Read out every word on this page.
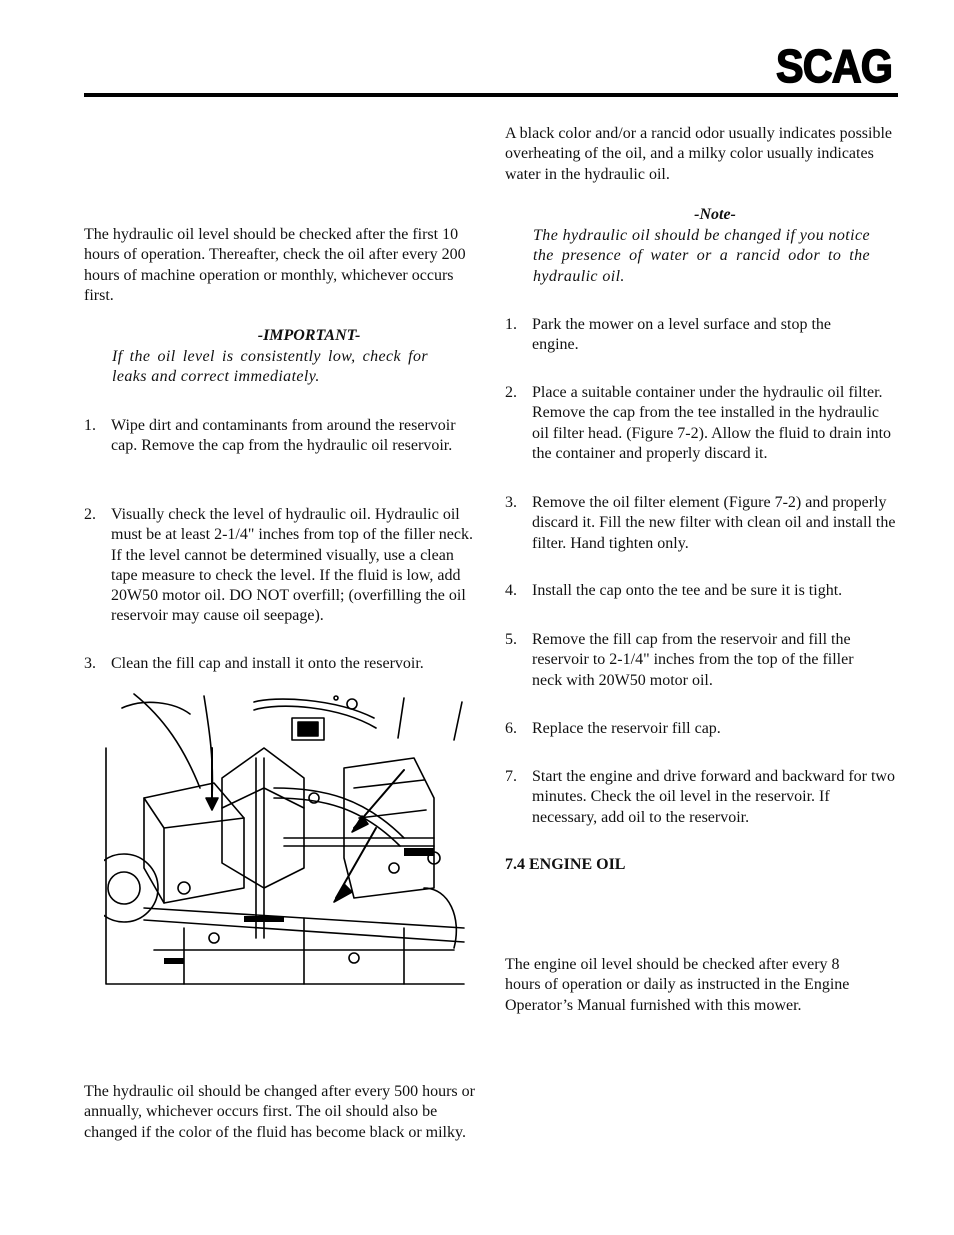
SCAG

The hydraulic oil level should be checked after the first 10 hours of operation. Thereafter, check the oil after every 200 hours of machine operation or monthly, whichever occurs first.

-IMPORTANT-
If the oil level is consistently low, check for leaks and correct immediately.
1. Wipe dirt and contaminants from around the reservoir cap. Remove the cap from the hydraulic oil reservoir.
2. Visually check the level of hydraulic oil. Hydraulic oil must be at least 2-1/4" inches from top of the filler neck. If the level cannot be determined visually, use a clean tape measure to check the level. If the fluid is low, add 20W50 motor oil. DO NOT overfill; (overfilling the oil reservoir may cause oil seepage).
3. Clean the fill cap and install it onto the reservoir.

The hydraulic oil should be changed after every 500 hours or annually, whichever occurs first. The oil should also be changed if the color of the fluid has become black or milky.

A black color and/or a rancid odor usually indicates possible overheating of the oil, and a milky color usually indicates water in the hydraulic oil.

-Note-
The hydraulic oil should be changed if you notice the presence of water or a rancid odor to the hydraulic oil.
1. Park the mower on a level surface and stop the engine.
2. Place a suitable container under the hydraulic oil filter. Remove the cap from the tee installed in the hydraulic oil filter head. (Figure 7-2). Allow the fluid to drain into the container and properly discard it.
3. Remove the oil filter element (Figure 7-2) and properly discard it. Fill the new filter with clean oil and install the filter. Hand tighten only.
4. Install the cap onto the tee and be sure it is tight.
5. Remove the fill cap from the reservoir and fill the reservoir to 2-1/4" inches from the top of the filler neck with 20W50 motor oil.
6. Replace the reservoir fill cap.
7. Start the engine and drive forward and backward for two minutes. Check the oil level in the reservoir. If necessary, add oil to the reservoir.
7.4 ENGINE OIL

The engine oil level should be checked after every 8 hours of operation or daily as instructed in the Engine Operator’s Manual furnished with this mower.
